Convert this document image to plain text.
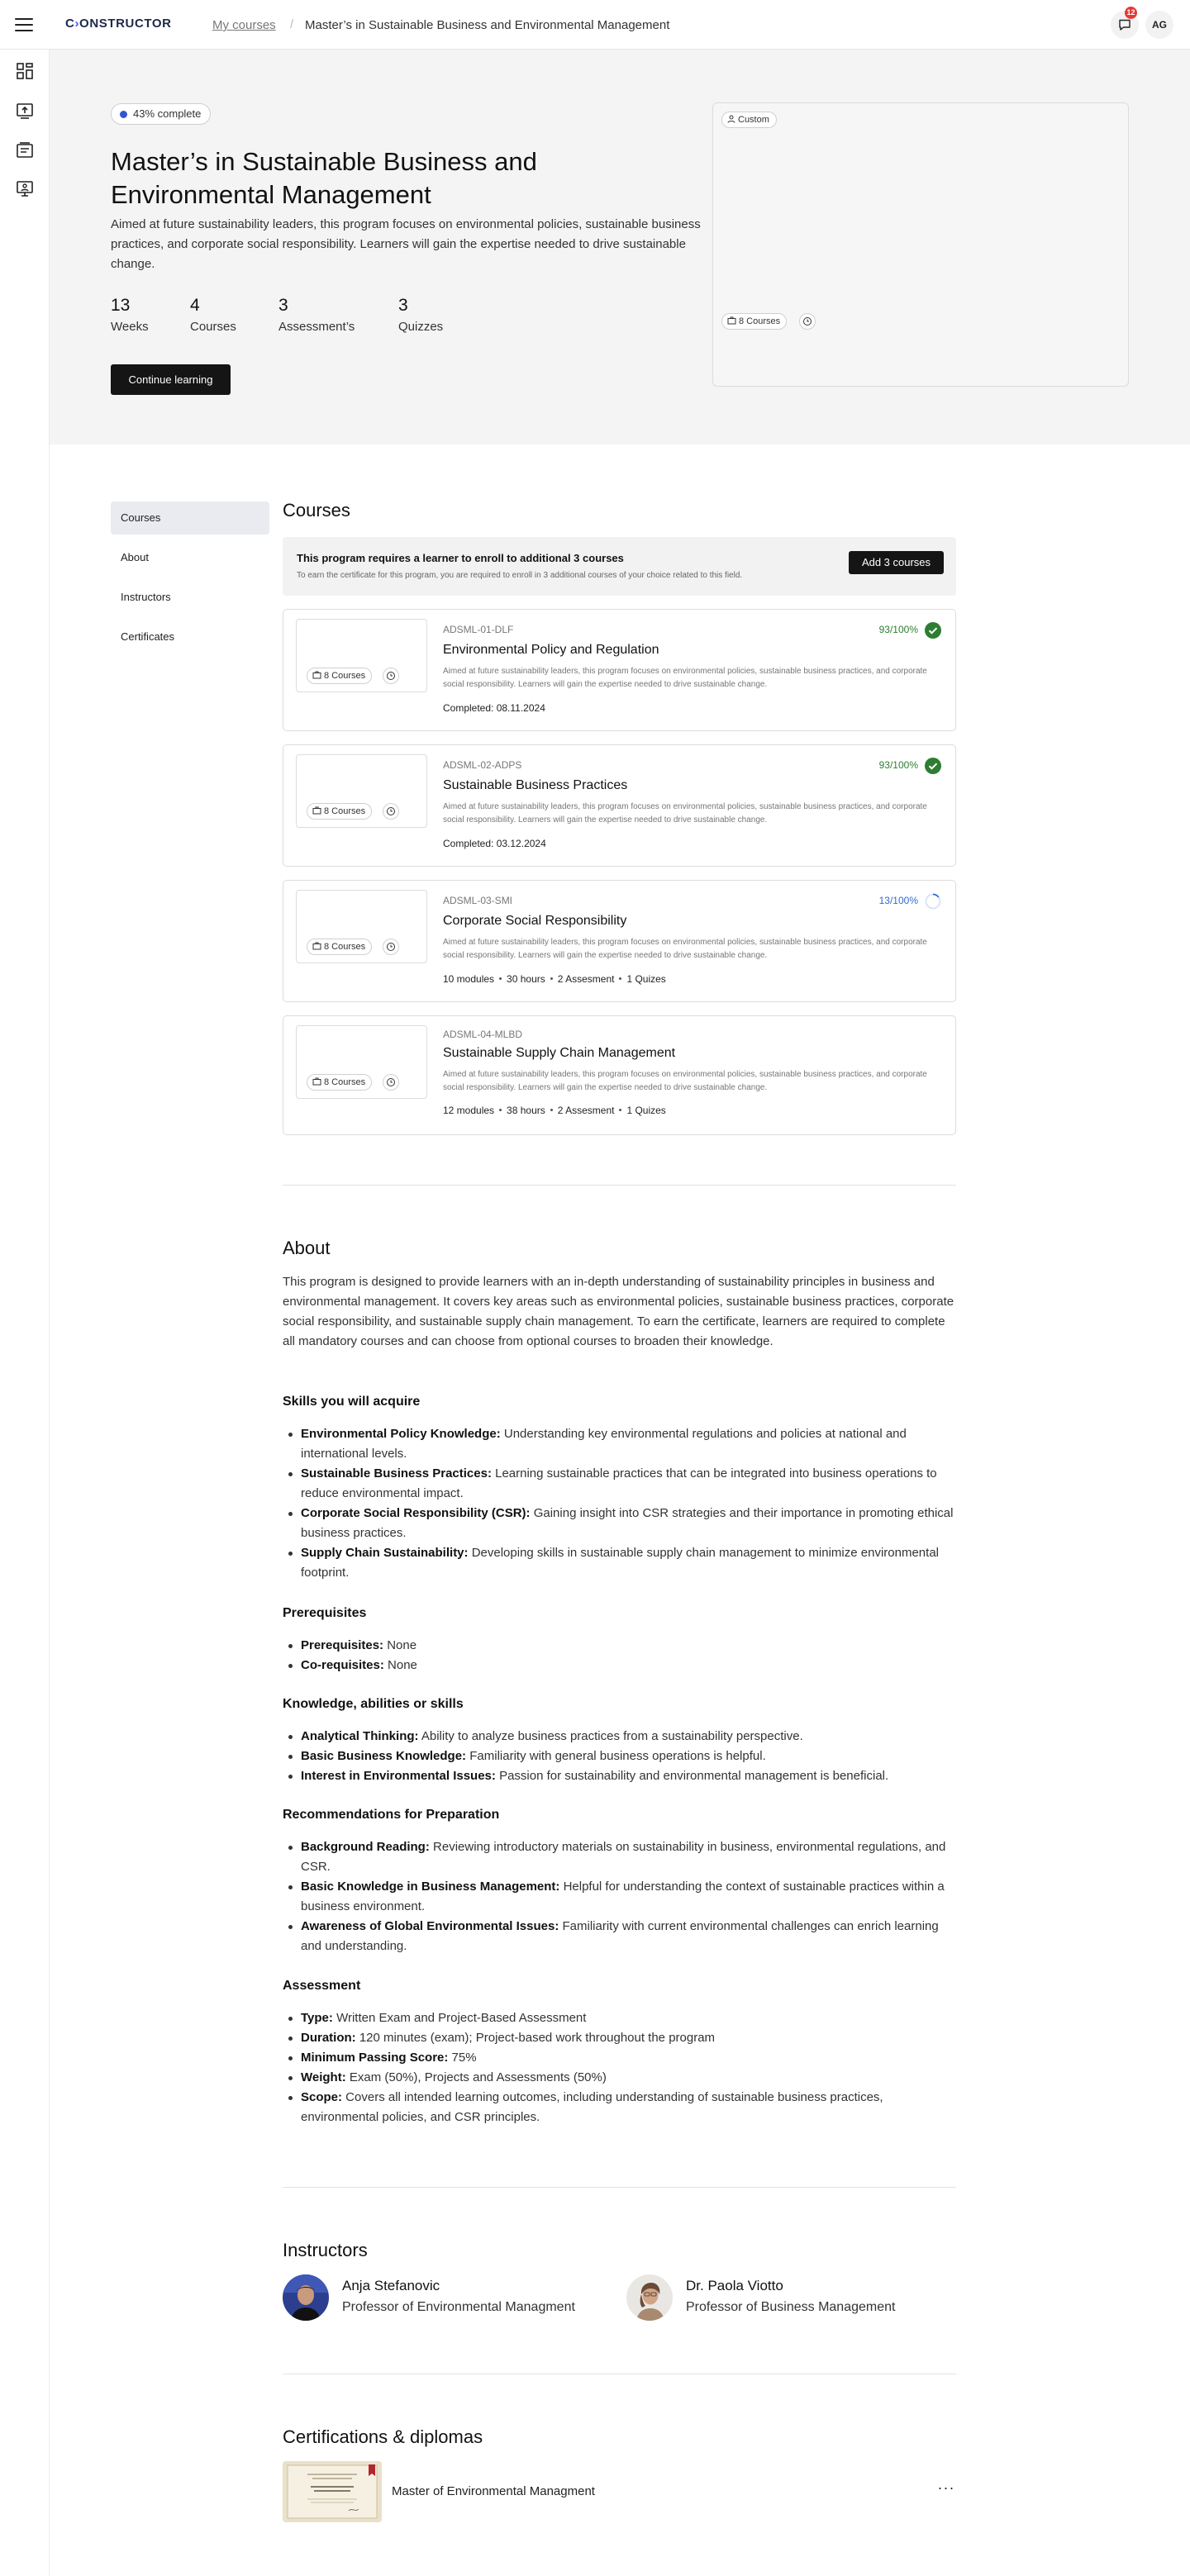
C›ONSTRUCTOR	My courses / Master’s in Sustainable Business and Environmental Management
12
AG
43% complete
Master’s in Sustainable Business and Environmental Management

Aimed at future sustainability leaders, this program focuses on environmental policies, sustainable business practices, and corporate social responsibility. Learners will gain the expertise needed to drive sustainable change.

13
Weeks
4
Courses
3
Assessment’s
3
Quizzes
Continue learning
Custom
8 Courses
Courses
About
Instructors
Certificates
Courses
This program requires a learner to enroll to additional 3 courses
To earn the certificate for this program, you are required to enroll in 3 additional courses of your choice related to this field.
Add 3 courses
8 Courses
ADSML-01-DLF
Environmental Policy and Regulation
Aimed at future sustainability leaders, this program focuses on environmental policies, sustainable business practices, and corporate social responsibility. Learners will gain the expertise needed to drive sustainable change.
Completed: 08.11.2024
93/100%
8 Courses
ADSML-02-ADPS
Sustainable Business Practices
Aimed at future sustainability leaders, this program focuses on environmental policies, sustainable business practices, and corporate social responsibility. Learners will gain the expertise needed to drive sustainable change.
Completed: 03.12.2024
93/100%
8 Courses
ADSML-03-SMI
Corporate Social Responsibility
Aimed at future sustainability leaders, this program focuses on environmental policies, sustainable business practices, and corporate social responsibility. Learners will gain the expertise needed to drive sustainable change.
10 modules 30 hours 2 Assesment 1 Quizes
13/100%
8 Courses
ADSML-04-MLBD
Sustainable Supply Chain Management
Aimed at future sustainability leaders, this program focuses on environmental policies, sustainable business practices, and corporate social responsibility. Learners will gain the expertise needed to drive sustainable change.
12 modules 38 hours 2 Assesment 1 Quizes
About

This program is designed to provide learners with an in-depth understanding of sustainability principles in business and environmental management. It covers key areas such as environmental policies, sustainable business practices, corporate social responsibility, and sustainable supply chain management. To earn the certificate, learners are required to complete all mandatory courses and can choose from optional courses to broaden their knowledge.

Skills you will acquire
Environmental Policy Knowledge: Understanding key environmental regulations and policies at national and international levels.
Sustainable Business Practices: Learning sustainable practices that can be integrated into business operations to reduce environmental impact.
Corporate Social Responsibility (CSR): Gaining insight into CSR strategies and their importance in promoting ethical business practices.
Supply Chain Sustainability: Developing skills in sustainable supply chain management to minimize environmental footprint.
Prerequisites
Prerequisites: None
Co-requisites: None
Knowledge, abilities or skills
Analytical Thinking: Ability to analyze business practices from a sustainability perspective.
Basic Business Knowledge: Familiarity with general business operations is helpful.
Interest in Environmental Issues: Passion for sustainability and environmental management is beneficial.
Recommendations for Preparation
Background Reading: Reviewing introductory materials on sustainability in business, environmental regulations, and CSR.
Basic Knowledge in Business Management: Helpful for understanding the context of sustainable practices within a business environment.
Awareness of Global Environmental Issues: Familiarity with current environmental challenges can enrich learning and understanding.
Assessment
Type: Written Exam and Project-Based Assessment
Duration: 120 minutes (exam); Project-based work throughout the program
Minimum Passing Score: 75%
Weight: Exam (50%), Projects and Assessments (50%)
Scope: Covers all intended learning outcomes, including understanding of sustainable business practices, environmental policies, and CSR principles.
Instructors
Anja Stefanovic
Professor of Environmental Managment
Dr. Paola Viotto
Professor of Business Management
Certifications & diplomas
Master of Environmental Managment	···
